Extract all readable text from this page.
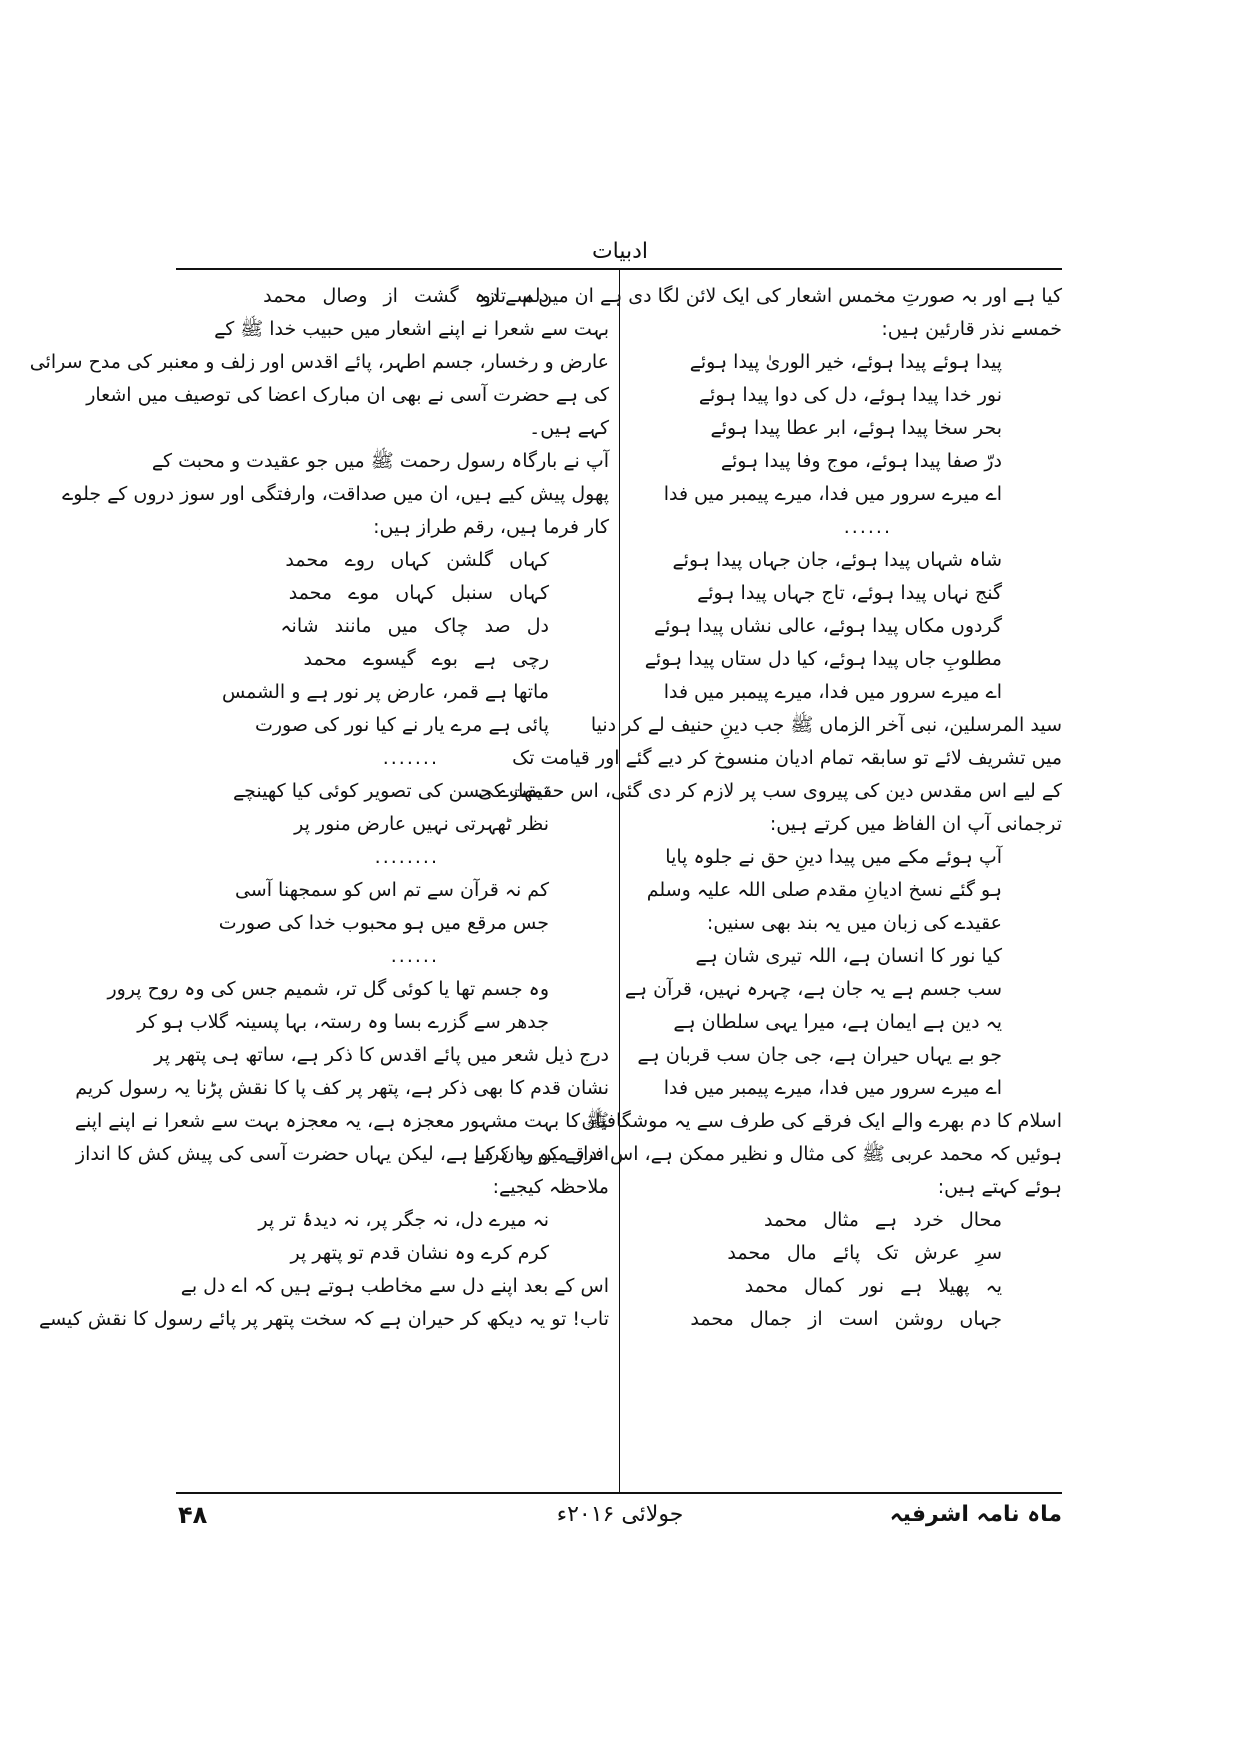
ادبیات
کیا ہے اور بہ صورتِ مخمس اشعار کی ایک لائن لگا دی ہے ان میں سے دو
خمسے نذر قارئین ہیں:
پیدا ہوئے پیدا ہوئے، خیر الوریٰ پیدا ہوئے
نور خدا پیدا ہوئے، دل کی دوا پیدا ہوئے
بحر سخا پیدا ہوئے، ابر عطا پیدا ہوئے
درّ صفا پیدا ہوئے، موج وفا پیدا ہوئے
اے میرے سرور میں فدا، میرے پیمبر میں فدا
......
شاہ شہاں پیدا ہوئے، جان جہاں پیدا ہوئے
گنج نہاں پیدا ہوئے، تاج جہاں پیدا ہوئے
گردوں مکاں پیدا ہوئے، عالی نشاں پیدا ہوئے
مطلوبِ جاں پیدا ہوئے، کیا دل ستاں پیدا ہوئے
اے میرے سرور میں فدا، میرے پیمبر میں فدا
سید المرسلین، نبی آخر الزماں ﷺ جب دینِ حنیف لے کر دنیا
میں تشریف لائے تو سابقہ تمام ادیان منسوخ کر دیے گئے اور قیامت تک
کے لیے اس مقدس دین کی پیروی سب پر لازم کر دی گئی، اس حقیقت کی
ترجمانی آپ ان الفاظ میں کرتے ہیں:
آپ ہوئے مکے میں پیدا دینِ حق نے جلوہ پایا
ہو گئے نسخ ادیانِ مقدم صلی اللہ علیہ وسلم
عقیدے کی زبان میں یہ بند بھی سنیں:
کیا نور کا انسان ہے، اللہ تیری شان ہے
سب جسم ہے یہ جان ہے، چہرہ نہیں، قرآن ہے
یہ دین ہے ایمان ہے، میرا یہی سلطان ہے
جو بے یہاں حیران ہے، جی جان سب قربان ہے
اے میرے سرور میں فدا، میرے پیمبر میں فدا
اسلام کا دم بھرے والے ایک فرقے کی طرف سے یہ موشگافیاں
ہوئیں کہ محمد عربی ﷺ کی مثال و نظیر ممکن ہے، اس فرقے کو رد کرتے
ہوئے کہتے ہیں:
محال خرد ہے مثال محمد
سرِ عرش تک پائے مال محمد
یہ پھیلا ہے نور کمال محمد
جہاں روشن است از جمال محمد
دلم تازہ گشت از وصال محمد
بہت سے شعرا نے اپنے اشعار میں حبیب خدا ﷺ کے
عارض و رخسار، جسم اطہر، پائے اقدس اور زلف و معنبر کی مدح سرائی
کی ہے حضرت آسی نے بھی ان مبارک اعضا کی توصیف میں اشعار
کہے ہیں۔
آپ نے بارگاہ رسول رحمت ﷺ میں جو عقیدت و محبت کے
پھول پیش کیے ہیں، ان میں صداقت، وارفتگی اور سوز دروں کے جلوے
کار فرما ہیں، رقم طراز ہیں:
کہاں گلشن کہاں روے محمد
کہاں سنبل کہاں موے محمد
دل صد چاک میں مانند شانہ
رچی ہے بوے گیسوے محمد
ماتھا ہے قمر، عارض پر نور ہے و الشمس
پائی ہے مرے یار نے کیا نور کی صورت
.......
تمھارے حسن کی تصویر کوئی کیا کھینچے
نظر ٹھہرتی نہیں عارض منور پر
........
کم نہ قرآن سے تم اس کو سمجھنا آسی
جس مرقع میں ہو محبوب خدا کی صورت
......
وہ جسم تھا یا کوئی گل تر، شمیم جس کی وہ روح پرور
جدھر سے گزرے بسا وہ رستہ، بہا پسینہ گلاب ہو کر
درج ذیل شعر میں پائے اقدس کا ذکر ہے، ساتھ ہی پتھر پر
نشان قدم کا بھی ذکر ہے، پتھر پر کف پا کا نقش پڑنا یہ رسول کریم
ﷺ کا بہت مشہور معجزہ ہے، یہ معجزہ بہت سے شعرا نے اپنے اپنے
انداز مین بیان کیا ہے، لیکن یہاں حضرت آسی کی پیش کش کا انداز
ملاحظہ کیجیے:
نہ میرے دل، نہ جگر پر، نہ دیدۂ تر پر
کرم کرے وہ نشان قدم تو پتھر پر
اس کے بعد اپنے دل سے مخاطب ہوتے ہیں کہ اے دل بے
تاب! تو یہ دیکھ کر حیران ہے کہ سخت پتھر پر پائے رسول کا نقش کیسے
ماہ نامہ اشرفیہ
جولائی ۲۰۱۶ء
۴۸
